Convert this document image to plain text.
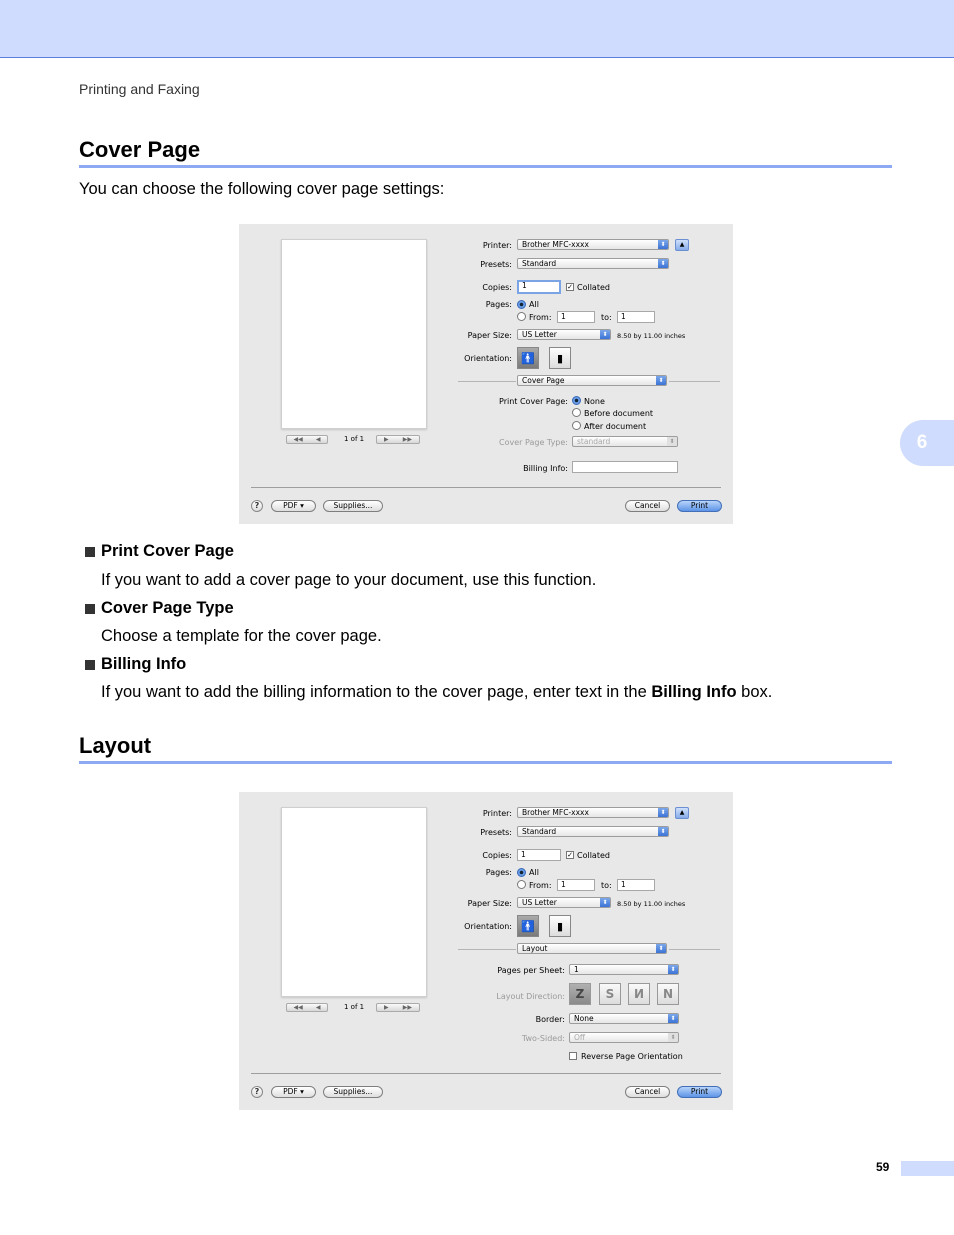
Printing and Faxing
Cover Page
You can choose the following cover page settings:
◀◀ ◀	1 of 1	▶ ▶▶
Printer:	Brother MFC-xxxx	⬍	▲
Presets:	Standard	⬍
Copies:	1	✓ Collated
Pages: All
From:	1	to:	1
Paper Size:	US Letter	⬍	8.50 by 11.00 inches
Orientation: 🚹	▮
Cover Page	⬍
Print Cover Page: None
Before document
After document
Cover Page Type:	standard	⬍
Billing Info:
?	PDF ▾	Supplies...	Cancel	Print
Print Cover Page
If you want to add a cover page to your document, use this function.
Cover Page Type
Choose a template for the cover page.
Billing Info
If you want to add the billing information to the cover page, enter text in the Billing Info box.
Layout
◀◀ ◀	1 of 1	▶ ▶▶
Printer:	Brother MFC-xxxx	⬍	▲
Presets:	Standard	⬍
Copies:	1	✓ Collated
Pages: All
From:	1	to:	1
Paper Size:	US Letter	⬍	8.50 by 11.00 inches
Orientation: 🚹	▮
Layout	⬍
Pages per Sheet:	1	⬍
Layout Direction: Z	S	И	N
Border:	None	⬍
Two-Sided:	Off	⬍
Reverse Page Orientation
?	PDF ▾	Supplies...	Cancel	Print
6
59
